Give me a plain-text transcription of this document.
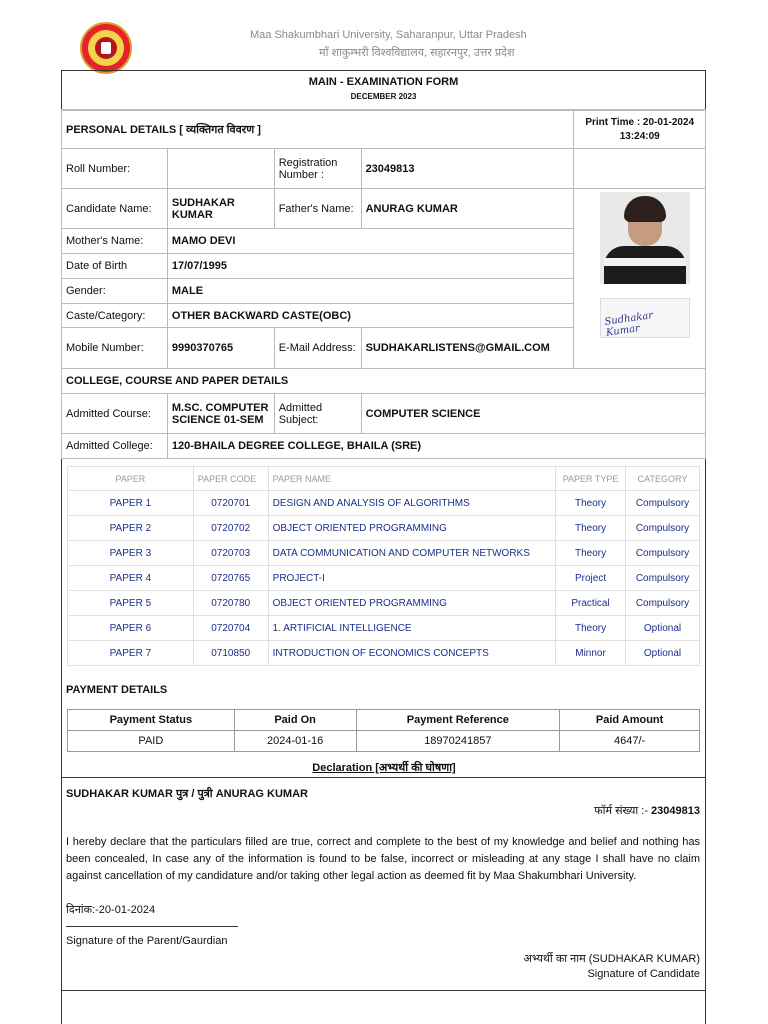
Maa Shakumbhari University, Saharanpur, Uttar Pradesh
माँ शाकुम्भरी विश्वविद्यालय, सहारनपुर, उत्तर प्रदेश
MAIN - EXAMINATION FORM
DECEMBER 2023
PERSONAL DETAILS [ व्यक्तिगत विवरण ]				Print Time : 20-01-2024
13:24:09

Roll Number:		Registration Number :	23049813	
Candidate Name:	SUDHAKAR KUMAR	Father's Name:	ANURAG KUMAR	
Mother's Name:	MAMO DEVI			
Date of Birth	17/07/1995			
Gender:	MALE			
Caste/Category:	OTHER BACKWARD CASTE(OBC)			
Mobile Number:	9990370765	E-Mail Address:	SUDHAKARLISTENS@GMAIL.COM	
COLLEGE, COURSE AND PAPER DETAILS				
Admitted Course:	M.SC. COMPUTER SCIENCE 01-SEM	Admitted Subject:	COMPUTER SCIENCE	
Admitted College:	120-BHAILA DEGREE COLLEGE, BHAILA (SRE)			
Sudhakar Kumar
PAPER	PAPER CODE	PAPER NAME	PAPER TYPE	CATEGORY
PAPER 1	0720701	DESIGN AND ANALYSIS OF ALGORITHMS	Theory	Compulsory
PAPER 2	0720702	OBJECT ORIENTED PROGRAMMING	Theory	Compulsory
PAPER 3	0720703	DATA COMMUNICATION AND COMPUTER NETWORKS	Theory	Compulsory
PAPER 4	0720765	PROJECT-I	Project	Compulsory
PAPER 5	0720780	OBJECT ORIENTED PROGRAMMING	Practical	Compulsory
PAPER 6	0720704	1. ARTIFICIAL INTELLIGENCE	Theory	Optional
PAPER 7	0710850	INTRODUCTION OF ECONOMICS CONCEPTS	Minnor	Optional
PAYMENT DETAILS
Payment Status	Paid On	Payment Reference	Paid Amount
PAID	2024-01-16	18970241857	4647/-
Declaration [अभ्यर्थी की घोषणा]
SUDHAKAR KUMAR पुत्र / पुत्री ANURAG KUMAR
फॉर्म संख्या :- 23049813
I hereby declare that the particulars filled are true, correct and complete to the best of my knowledge and belief and nothing has been concealed, In case any of the information is found to be false, incorrect or misleading at any stage I shall have no claim against cancellation of my candidature and/or taking other legal action as deemed fit by Maa Shakumbhari University.
दिनांक:-20-01-2024
Signature of the Parent/Gaurdian
अभ्यर्थी का नाम (SUDHAKAR KUMAR)
Signature of Candidate
